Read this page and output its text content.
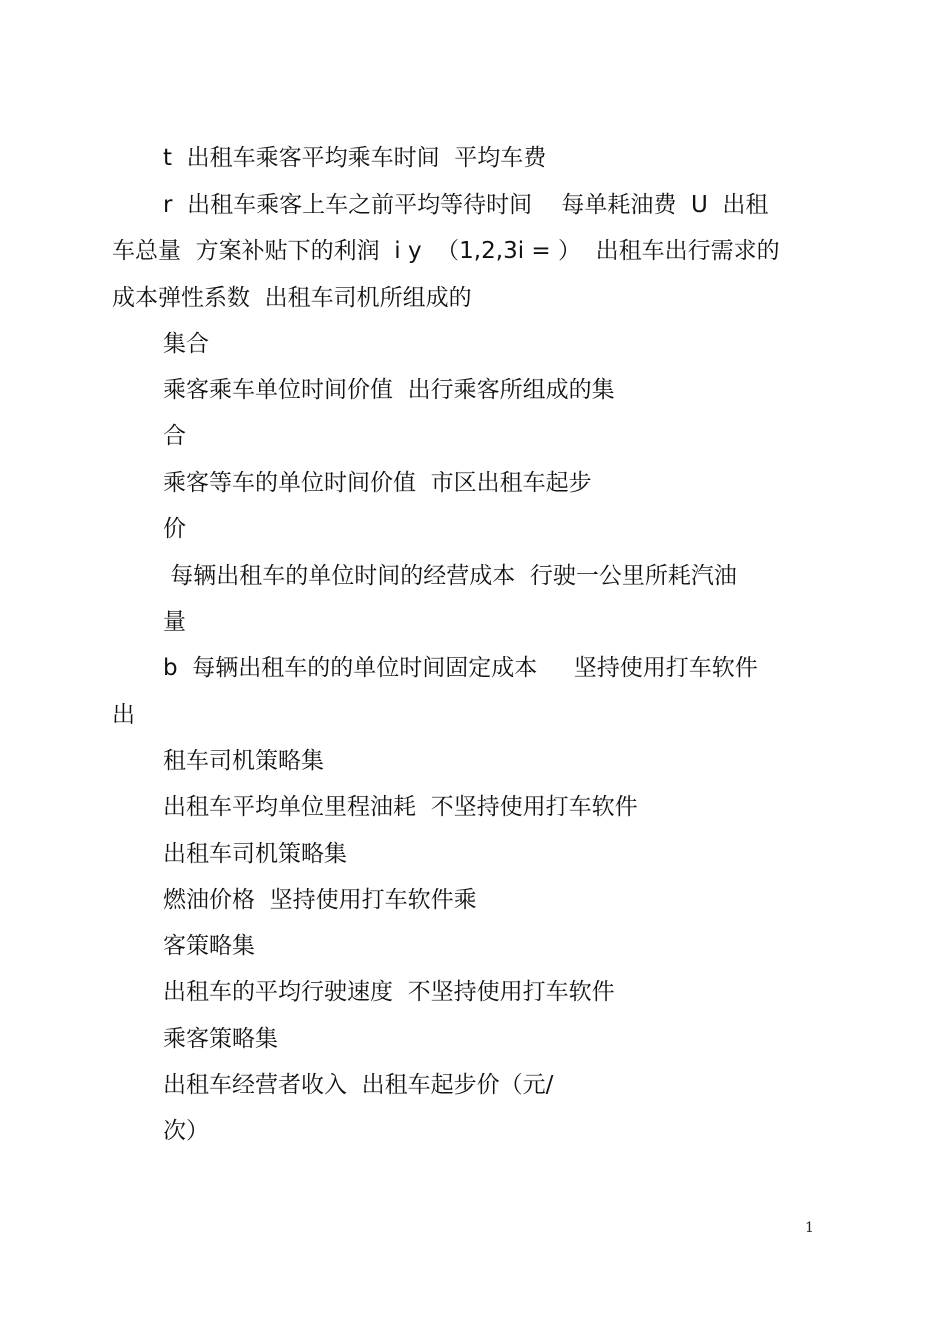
t  出租车乘客平均乘车时间  平均车费
r  出租车乘客上车之前平均等待时间    每单耗油费  U  出租
车总量  方案补贴下的利润  i y  （1,2,3i = ）  出租车出行需求的
成本弹性系数  出租车司机所组成的
集合
乘客乘车单位时间价值  出行乘客所组成的集
合
乘客等车的单位时间价值  市区出租车起步
价
每辆出租车的单位时间的经营成本  行驶一公里所耗汽油
量
b  每辆出租车的的单位时间固定成本     坚持使用打车软件
出
租车司机策略集
出租车平均单位里程油耗  不坚持使用打车软件
出租车司机策略集
燃油价格  坚持使用打车软件乘
客策略集
出租车的平均行驶速度  不坚持使用打车软件
乘客策略集
出租车经营者收入  出租车起步价（元/
次）
1
